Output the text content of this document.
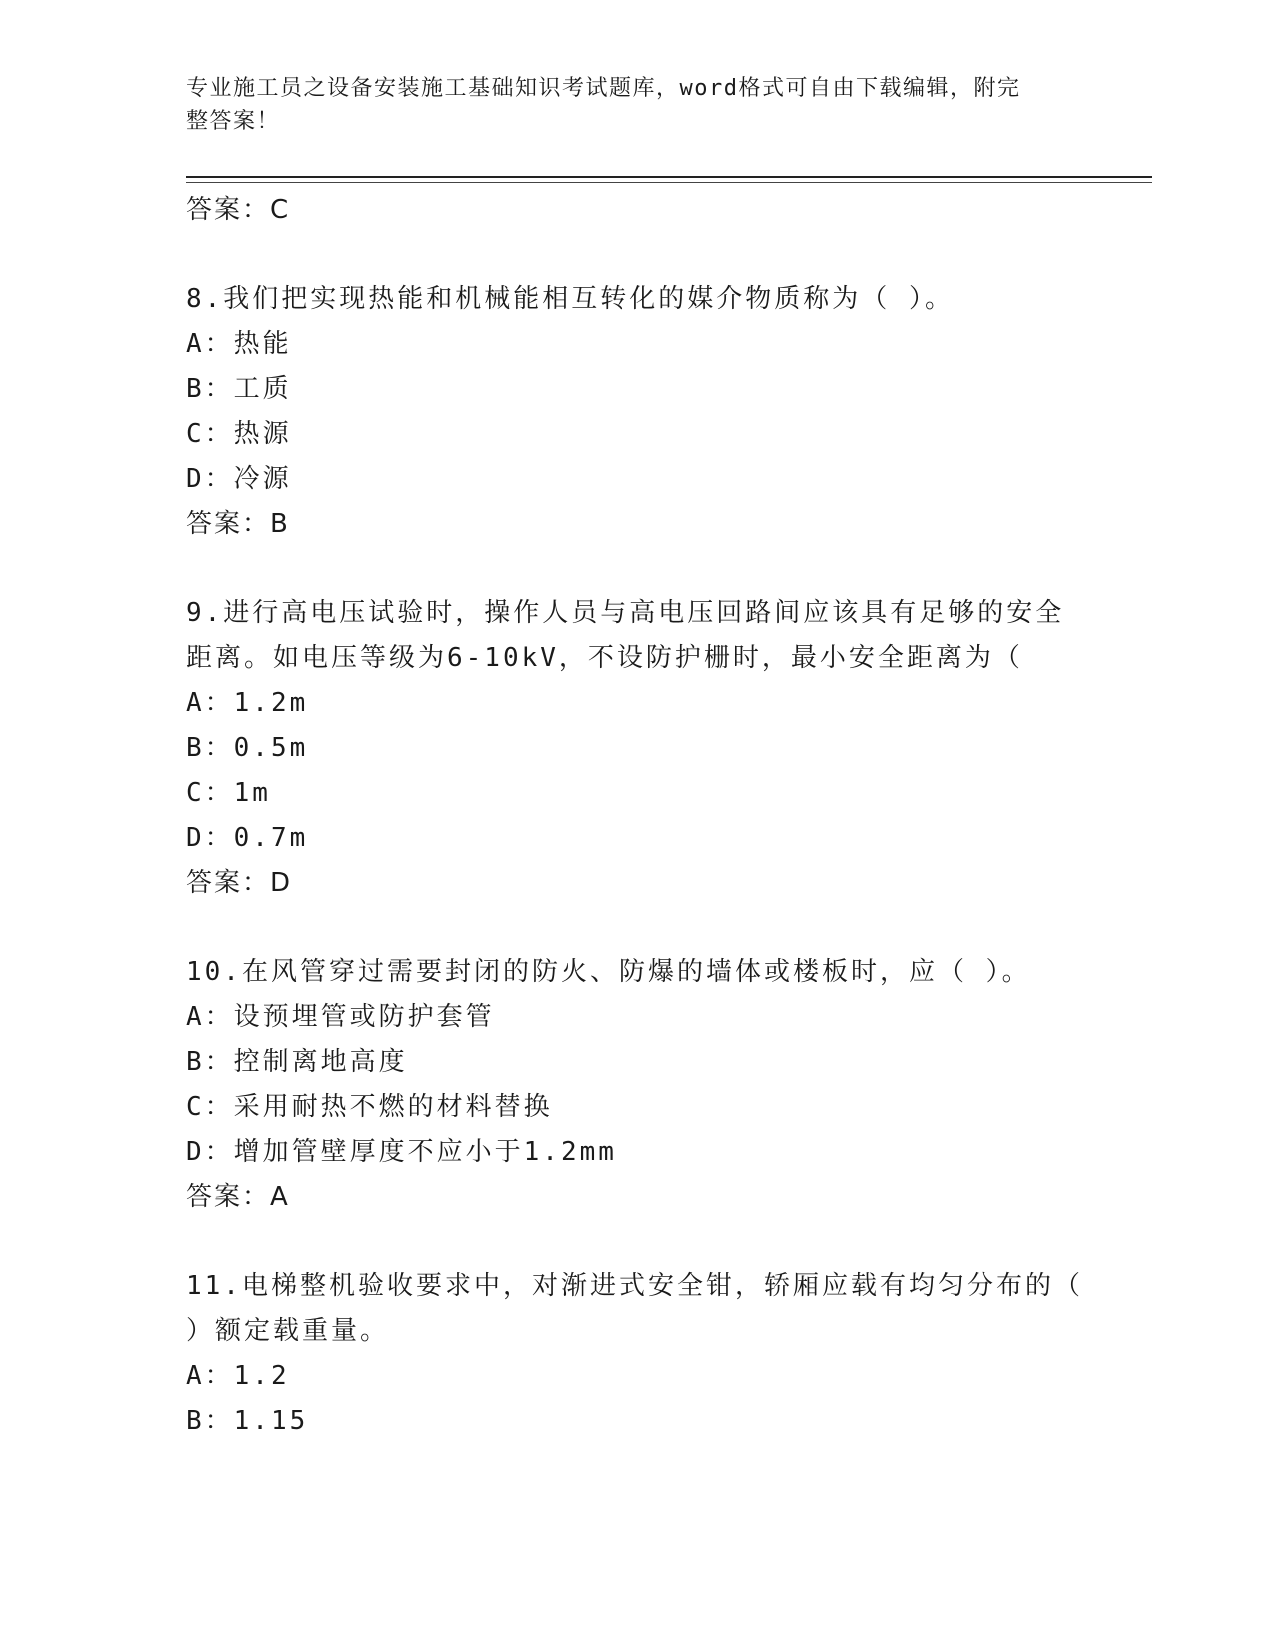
专业施工员之设备安装施工基础知识考试题库，word格式可自由下载编辑，附完
整答案！
答案：C
8.我们把实现热能和机械能相互转化的媒介物质称为（ ）。
A：热能
B：工质
C：热源
D：冷源
答案：B
9.进行高电压试验时，操作人员与高电压回路间应该具有足够的安全
距离。如电压等级为6-10kV，不设防护栅时，最小安全距离为（
A：1.2m
B：0.5m
C：1m
D：0.7m
答案：D
10.在风管穿过需要封闭的防火、防爆的墙体或楼板时，应（ ）。
A：设预埋管或防护套管
B：控制离地高度
C：采用耐热不燃的材料替换
D：增加管壁厚度不应小于1.2mm
答案：A
11.电梯整机验收要求中，对渐进式安全钳，轿厢应载有均匀分布的（
）额定载重量。
A：1.2
B：1.15
